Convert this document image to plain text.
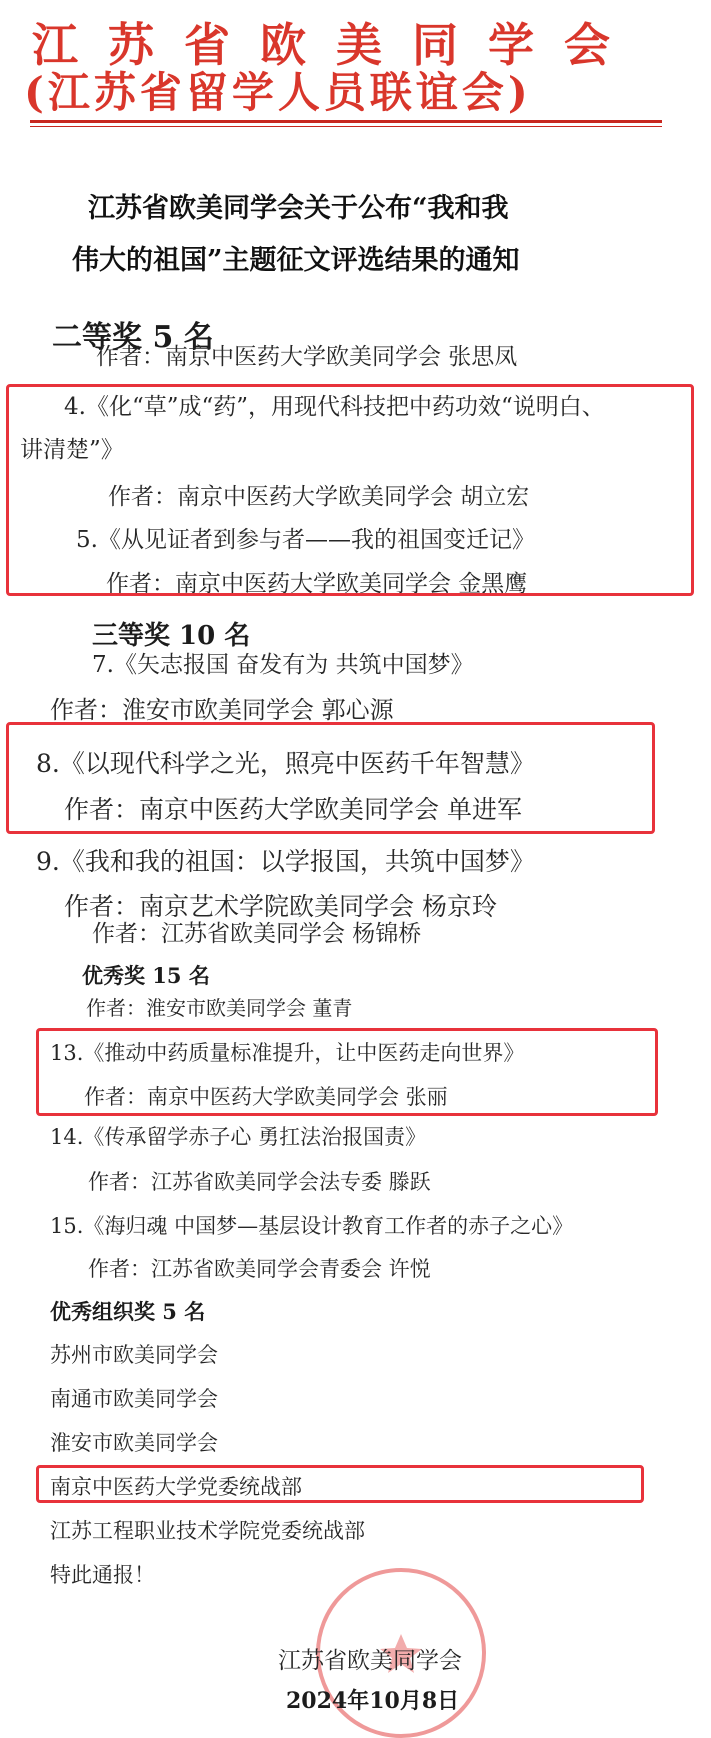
江苏省欧美同学会
(江苏省留学人员联谊会)
江苏省欧美同学会关于公布“我和我
伟大的祖国”主题征文评选结果的通知
二等奖 5 名
作者：南京中医药大学欧美同学会 张思凤
4.《化“草”成“药”，用现代科技把中药功效“说明白、
讲清楚”》
作者：南京中医药大学欧美同学会 胡立宏
5.《从见证者到参与者——我的祖国变迁记》
作者：南京中医药大学欧美同学会 金黑鹰
三等奖 10 名
7.《矢志报国 奋发有为 共筑中国梦》
作者：淮安市欧美同学会 郭心源
8.《以现代科学之光，照亮中医药千年智慧》
作者：南京中医药大学欧美同学会 单进军
9.《我和我的祖国：以学报国，共筑中国梦》
作者：南京艺术学院欧美同学会 杨京玲
作者：江苏省欧美同学会 杨锦桥
优秀奖 15 名
作者：淮安市欧美同学会 董青
13.《推动中药质量标准提升，让中医药走向世界》
作者：南京中医药大学欧美同学会 张丽
14.《传承留学赤子心 勇扛法治报国责》
作者：江苏省欧美同学会法专委 滕跃
15.《海归魂 中国梦—基层设计教育工作者的赤子之心》
作者：江苏省欧美同学会青委会 许悦
优秀组织奖 5 名
苏州市欧美同学会
南通市欧美同学会
淮安市欧美同学会
南京中医药大学党委统战部
江苏工程职业技术学院党委统战部
特此通报！
江苏省欧美同学会
2024年10月8日
